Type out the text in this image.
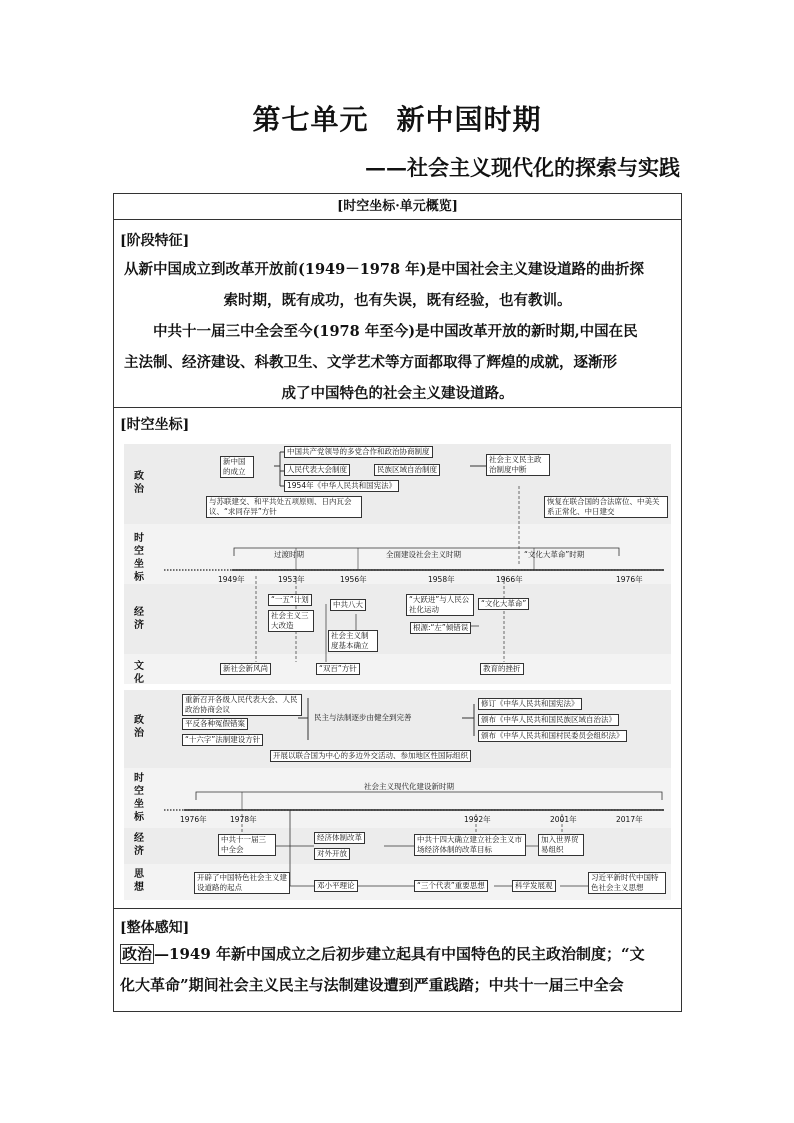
第七单元 新中国时期
——社会主义现代化的探索与实践
[时空坐标·单元概览]
[阶段特征]

从新中国成立到改革开放前(1949－1978 年)是中国社会主义建设道路的曲折探

索时期，既有成功，也有失误，既有经验，也有教训。

中共十一届三中全会至今(1978 年至今)是中国改革开放的新时期,中国在民

主法制、经济建设、科教卫生、文学艺术等方面都取得了辉煌的成就，逐渐形

成了中国特色的社会主义建设道路。

[时空坐标]
政治
时空坐标
经济
文化
新中国的成立
中国共产党领导的多党合作和政治协商制度
人民代表大会制度	民族区域自治制度
1954年《中华人民共和国宪法》
社会主义民主政治制度中断
与苏联建交、和平共处五项原则、日内瓦会议、“求同存异”方针
恢复在联合国的合法席位、中美关系正常化、中日建交
过渡时期	全面建设社会主义时期	“文化大革命”时期
1949年	1953年	1956年	1958年	1966年	1976年
“一五”计划
社会主义三大改造
中共八大
社会主义制度基本确立
“大跃进”与人民公社化运动
“文化大革命”
根源:“左”倾错误
新社会新风尚	“双百”方针	教育的挫折
政治
时空坐标
经济
思想
重新召开各级人民代表大会、人民政治协商会议
平反各种冤假错案
“十六字”法制建设方针
民主与法制逐步由健全到完善
修订《中华人民共和国宪法》
颁布《中华人民共和国民族区域自治法》
颁布《中华人民共和国村民委员会组织法》
开展以联合国为中心的多边外交活动、参加地区性国际组织
社会主义现代化建设新时期
1976年	1978年	1992年	2001年	2017年
中共十一届三中全会
经济体制改革
对外开放
中共十四大确立建立社会主义市场经济体制的改革目标
加入世界贸易组织
开辟了中国特色社会主义建设道路的起点	邓小平理论	“三个代表”重要思想	科学发展观
习近平新时代中国特色社会主义思想
[整体感知]
政治 —1949 年新中国成立之后初步建立起具有中国特色的民主政治制度；“文
化大革命”期间社会主义民主与法制建设遭到严重践踏；中共十一届三中全会
